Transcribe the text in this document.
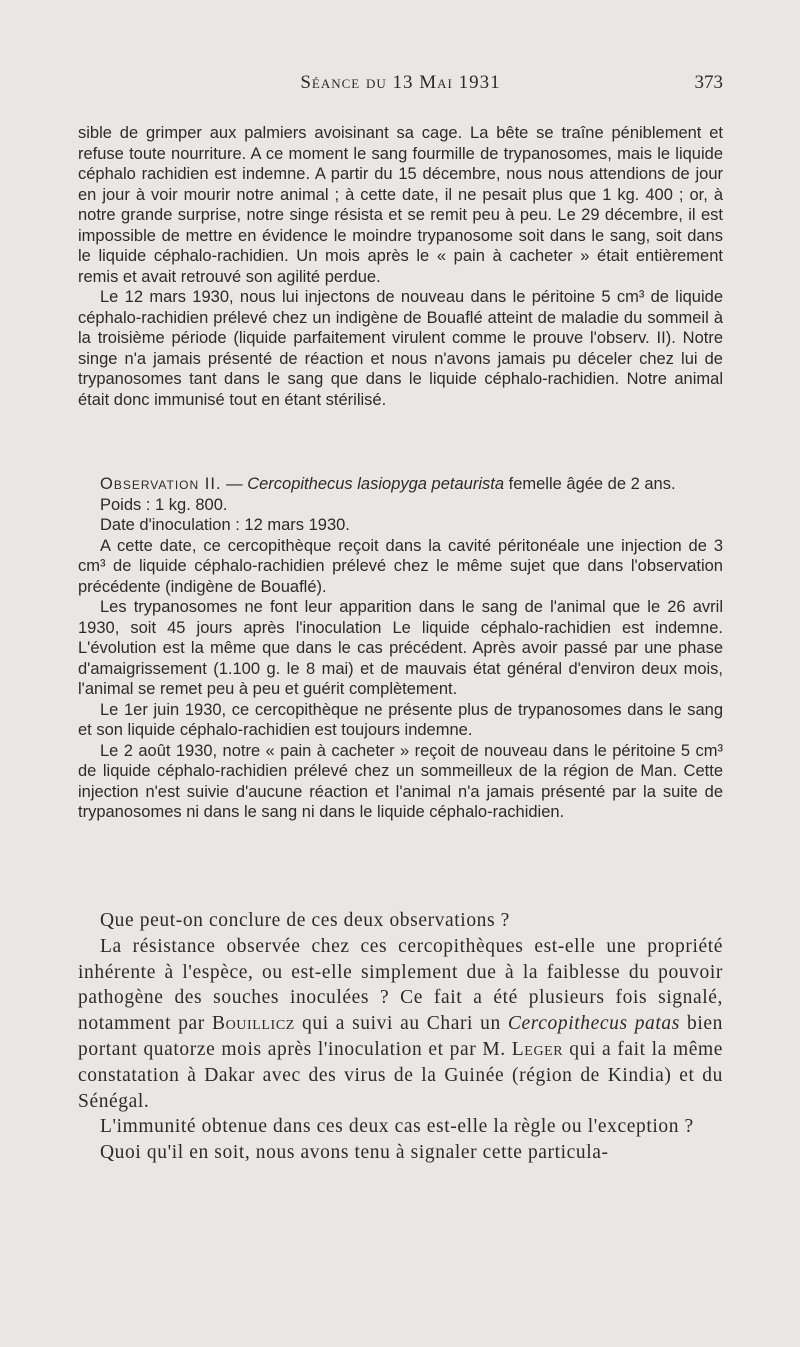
Séance du 13 Mai 1931	373

sible de grimper aux palmiers avoisinant sa cage. La bête se traîne péniblement et refuse toute nourriture. A ce moment le sang fourmille de trypanosomes, mais le liquide céphalo rachidien est indemne. A partir du 15 décembre, nous nous attendions de jour en jour à voir mourir notre animal ; à cette date, il ne pesait plus que 1 kg. 400 ; or, à notre grande surprise, notre singe résista et se remit peu à peu. Le 29 décembre, il est impossible de mettre en évidence le moindre trypanosome soit dans le sang, soit dans le liquide céphalo-rachidien. Un mois après le « pain à cacheter » était entièrement remis et avait retrouvé son agilité perdue.

Le 12 mars 1930, nous lui injectons de nouveau dans le péritoine 5 cm³ de liquide céphalo-rachidien prélevé chez un indigène de Bouaflé atteint de maladie du sommeil à la troisième période (liquide parfaitement virulent comme le prouve l'observ. II). Notre singe n'a jamais présenté de réaction et nous n'avons jamais pu déceler chez lui de trypanosomes tant dans le sang que dans le liquide céphalo-rachidien. Notre animal était donc immunisé tout en étant stérilisé.

Observation II. — Cercopithecus lasiopyga petaurista femelle âgée de 2 ans.

Poids : 1 kg. 800.

Date d'inoculation : 12 mars 1930.

A cette date, ce cercopithèque reçoit dans la cavité péritonéale une injection de 3 cm³ de liquide céphalo-rachidien prélevé chez le même sujet que dans l'observation précédente (indigène de Bouaflé).

Les trypanosomes ne font leur apparition dans le sang de l'animal que le 26 avril 1930, soit 45 jours après l'inoculation Le liquide céphalo-rachidien est indemne. L'évolution est la même que dans le cas précédent. Après avoir passé par une phase d'amaigrissement (1.100 g. le 8 mai) et de mauvais état général d'environ deux mois, l'animal se remet peu à peu et guérit complètement.

Le 1er juin 1930, ce cercopithèque ne présente plus de trypanosomes dans le sang et son liquide céphalo-rachidien est toujours indemne.

Le 2 août 1930, notre « pain à cacheter » reçoit de nouveau dans le péritoine 5 cm³ de liquide céphalo-rachidien prélevé chez un sommeilleux de la région de Man. Cette injection n'est suivie d'aucune réaction et l'animal n'a jamais présenté par la suite de trypanosomes ni dans le sang ni dans le liquide céphalo-rachidien.

Que peut-on conclure de ces deux observations ?

La résistance observée chez ces cercopithèques est-elle une propriété inhérente à l'espèce, ou est-elle simplement due à la faiblesse du pouvoir pathogène des souches inoculées ? Ce fait a été plusieurs fois signalé, notamment par Bouillicz qui a suivi au Chari un Cercopithecus patas bien portant quatorze mois après l'inoculation et par M. Leger qui a fait la même constatation à Dakar avec des virus de la Guinée (région de Kindia) et du Sénégal.

L'immunité obtenue dans ces deux cas est-elle la règle ou l'exception ?

Quoi qu'il en soit, nous avons tenu à signaler cette particula-
